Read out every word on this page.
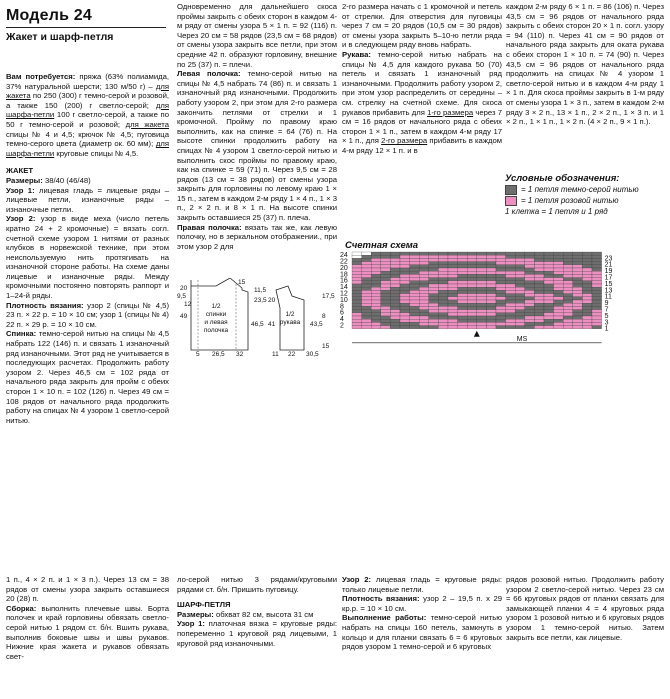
Модель 24
Жакет и шарф-петля

Вам потребуется: пряжа (63% полиамида, 37% натуральной шерсти; 130 м/50 г) – для жакета по 250 (300) г темно-серой и розовой, а также 150 (200) г светло-серой; для шарфа-петли 100 г светло-серой, а также по 50 г темно-серой и розовой; для жакета спицы № 4 и 4,5; крючок № 4,5; пуговица темно-серого цвета (диаметр ок. 60 мм); для шарфа-петли круговые спицы № 4,5.

ЖАКЕТ

Размеры: 38/40 (46/48)

Узор 1: лицевая гладь = лицевые ряды – лицевые петли, изнаночные ряды – изнаночные петли.

Узор 2: узор в виде меха (число петель кратно 24 + 2 кромочные) = вязать согл. счетной схеме узором 1 нитями от разных клубков в норвежской технике, при этом неиспользуемую нить протягивать на изнаночной стороне работы. На схеме даны лицевые и изнаночные ряды. Между кромочными постоянно повторять раппорт и 1–24-й ряды.

Плотность вязания: узор 2 (спицы № 4,5) 23 п. × 22 р. = 10 × 10 см; узор 1 (спицы № 4) 22 п. × 29 р. = 10 × 10 см.

Спинка: темно-серой нитью на спицы № 4,5 набрать 122 (146) п. и связать 1 изнаночный ряд изнаночными. Этот ряд не учитывается в последующих расчетах. Продолжить работу узором 2. Через 46,5 см = 102 ряда от начального ряда закрыть для пройм с обеих сторон 1 × 10 п. = 102 (126) п. Через 49 см = 108 рядов от начального ряда продолжить работу на спицах № 4 узором 1 светло-серой нитью.

Одновременно для дальнейшего скоса проймы закрыть с обеих сторон в каждом 4-м ряду от смены узора 5 × 1 п. = 92 (116) п. Через 20 см = 58 рядов (23,5 см = 68 рядов) от смены узора закрыть все петли, при этом средние 42 п. образуют горловину, внешние по 25 (37) п. = плечи.

Левая полочка: темно-серой нитью на спицы № 4,5 набрать 74 (86) п. и связать 1 изнаночный ряд изнаночными. Продолжить работу узором 2, при этом для 2-го размера закончить петлями от стрелки и 1 кромочной. Пройму по правому краю выполнить, как на спинке = 64 (76) п. На высоте спинки продолжить работу на спицах № 4 узором 1 светло-серой нитью и выполнить скос проймы по правому краю, как на спинке = 59 (71) п. Через 9,5 см = 28 рядов (13 см = 38 рядов) от смены узора закрыть для горловины по левому краю 1 × 15 п., затем в каждом 2-м ряду 1 × 4 п., 1 × 3 п., 2 × 2 п. и 8 × 1 п. На высоте спинки закрыть оставшиеся 25 (37) п. плеча.

Правая полочка: вязать так же, как левую полочку, но в зеркальном отображении., при этом узор 2 для

2-го размера начать с 1 кромочной и петель от стрелки. Для отверстия для пуговицы через 7 см = 20 рядов (10,5 см = 30 рядов) от смены узора закрыть 5–10-ю петли ряда и в следующем ряду вновь набрать.

Рукава: темно-серой нитью набрать на спицы № 4,5 для каждого рукава 50 (70) петель и связать 1 изнаночный ряд изнаночными. Продолжить работу узором 2, при этом узор распределить от середины – см. стрелку на счетной схеме. Для скоса рукавов прибавить для 1-го размера через 7 см = 16 рядов от начального ряда с обеих сторон 1 × 1 п., затем в каждом 4-м ряду 17 × 1 п., для 2-го размера прибавить в каждом 4-м ряду 12 × 1 п. и в

каждом 2-м ряду 6 × 1 п. = 86 (106) п. Через 43,5 см = 96 рядов от начального ряда закрыть с обеих сторон 20 × 1 п. согл. узору = 94 (110) п. Через 41 см = 90 рядов от начального ряда закрыть для оката рукава с обеих сторон 1 × 10 п. = 74 (90) п. Через 43,5 см = 96 рядов от начального ряда продолжить на спицах № 4 узором 1 светло-серой нитью и в каждом 4-м ряду 1 × 1 п. Для скоса проймы закрыть в 1-м ряду от смены узора 1 × 3 п., затем в каждом 2-м ряду 3 × 2 п., 13 × 1 п., 2 × 2 п., 1 × 3 п. и 1 × 2 п., 1 × 1 п., 1 × 2 п. (4 × 2 п., 9 × 1 п.).

Условные обозначения:
= 1 петля темно-серой нитью
= 1 петля розовой нитью
1 клетка = 1 петля и 1 ряд
Счетная схема
24
22
20
18
16
14
12
10
8
6
4
2
23
21
19
17
15
13
11
9
7
5
3
1
MS
1/2
спинки
и левая
полочка
1/2
рукава
49
46,5	43,5
41
26,5	22
32
20
15
11,5
9,5
12
23,5 20
5	30,5
11
15
8
17,5

1 п., 4 × 2 п. и 1 × 3 п.). Через 13 см = 38 рядов от смены узора закрыть оставшиеся 20 (28) п.

Сборка: выполнить плечевые швы. Борта полочек и край горловины обвязать светло-серой нитью 1 рядом ст. б/н. Вшить рукава, выполнив боковые швы и швы рукавов. Нижние края жакета и рукавов обвязать свет-

ло-серой нитью 3 рядами/круговыми рядами ст. б/н. Пришить пуговицу.

ШАРФ-ПЕТЛЯ

Размеры: обхват 82 см, высота 31 см

Узор 1: платочная вязка = круговые ряды: попеременно 1 круговой ряд лицевыми, 1 круговой ряд изнаночными.

Узор 2: лицевая гладь = круговые ряды: только лицевые петли.

Плотность вязания: узор 2 – 19,5 п. х 29 кр.р. = 10 × 10 см.

Выполнение работы: темно-серой нитью набрать на спицы 160 петель, замкнуть в кольцо и для планки связать 6 = 6 круговых рядов узором 1 темно-серой и 6 круговых

рядов розовой нитью. Продолжить работу узором 2 светло-серой нитью. Через 23 см = 66 круговых рядов от планки связать для замыкающей планки 4 = 4 круговых ряда узором 1 розовой нитью и 6 круговых рядов узором 1 темно-серой нитью. Затем закрыть все петли, как лицевые.
